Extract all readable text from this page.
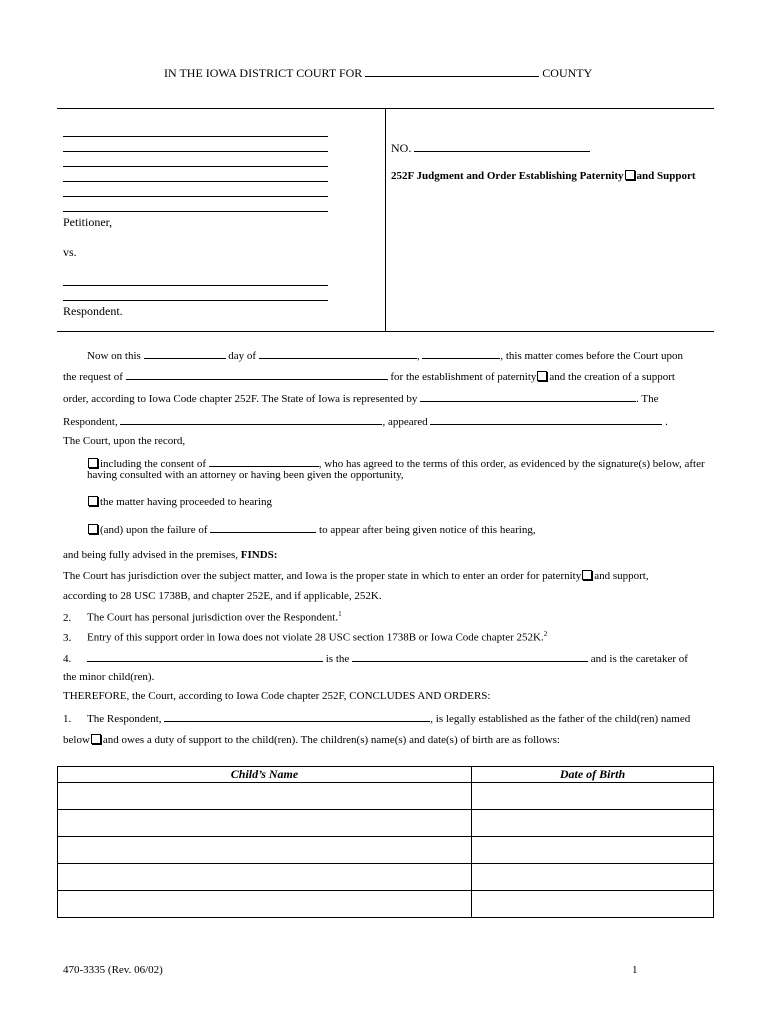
IN THE IOWA DISTRICT COURT FOR	COUNTY
Petitioner,
vs.
Respondent.
NO.
252F Judgment and Order Establishing Paternity and Support
Now on this	day of	,	, this matter comes before the Court upon
the request of	for the establishment of paternity and the creation of a support
order, according to Iowa Code chapter 252F. The State of Iowa is represented by	. The
Respondent,	, appeared	.
The Court, upon the record,
including the consent of	, who has agreed to the terms of this order, as evidenced by the signature(s) below, after
having consulted with an attorney or having been given the opportunity,
the matter having proceeded to hearing
(and) upon the failure of	to appear after being given notice of this hearing,
and being fully advised in the premises, FINDS:
The Court has jurisdiction over the subject matter, and Iowa is the proper state in which to enter an order for paternity and support,
according to 28 USC 1738B, and chapter 252E, and if applicable, 252K.
2. The Court has personal jurisdiction over the Respondent.$^1$
3. Entry of this support order in Iowa does not violate 28 USC section 1738B or Iowa Code chapter 252K.$^2$
4.	is the	and is the caretaker of
the minor child(ren).
THEREFORE, the Court, according to Iowa Code chapter 252F, CONCLUDES AND ORDERS:
1. The Respondent,	, is legally established as the father of the child(ren) named
below and owes a duty of support to the child(ren). The children(s) name(s) and date(s) of birth are as follows:
Child’s Name	Date of Birth

470-3335 (Rev. 06/02)	1
